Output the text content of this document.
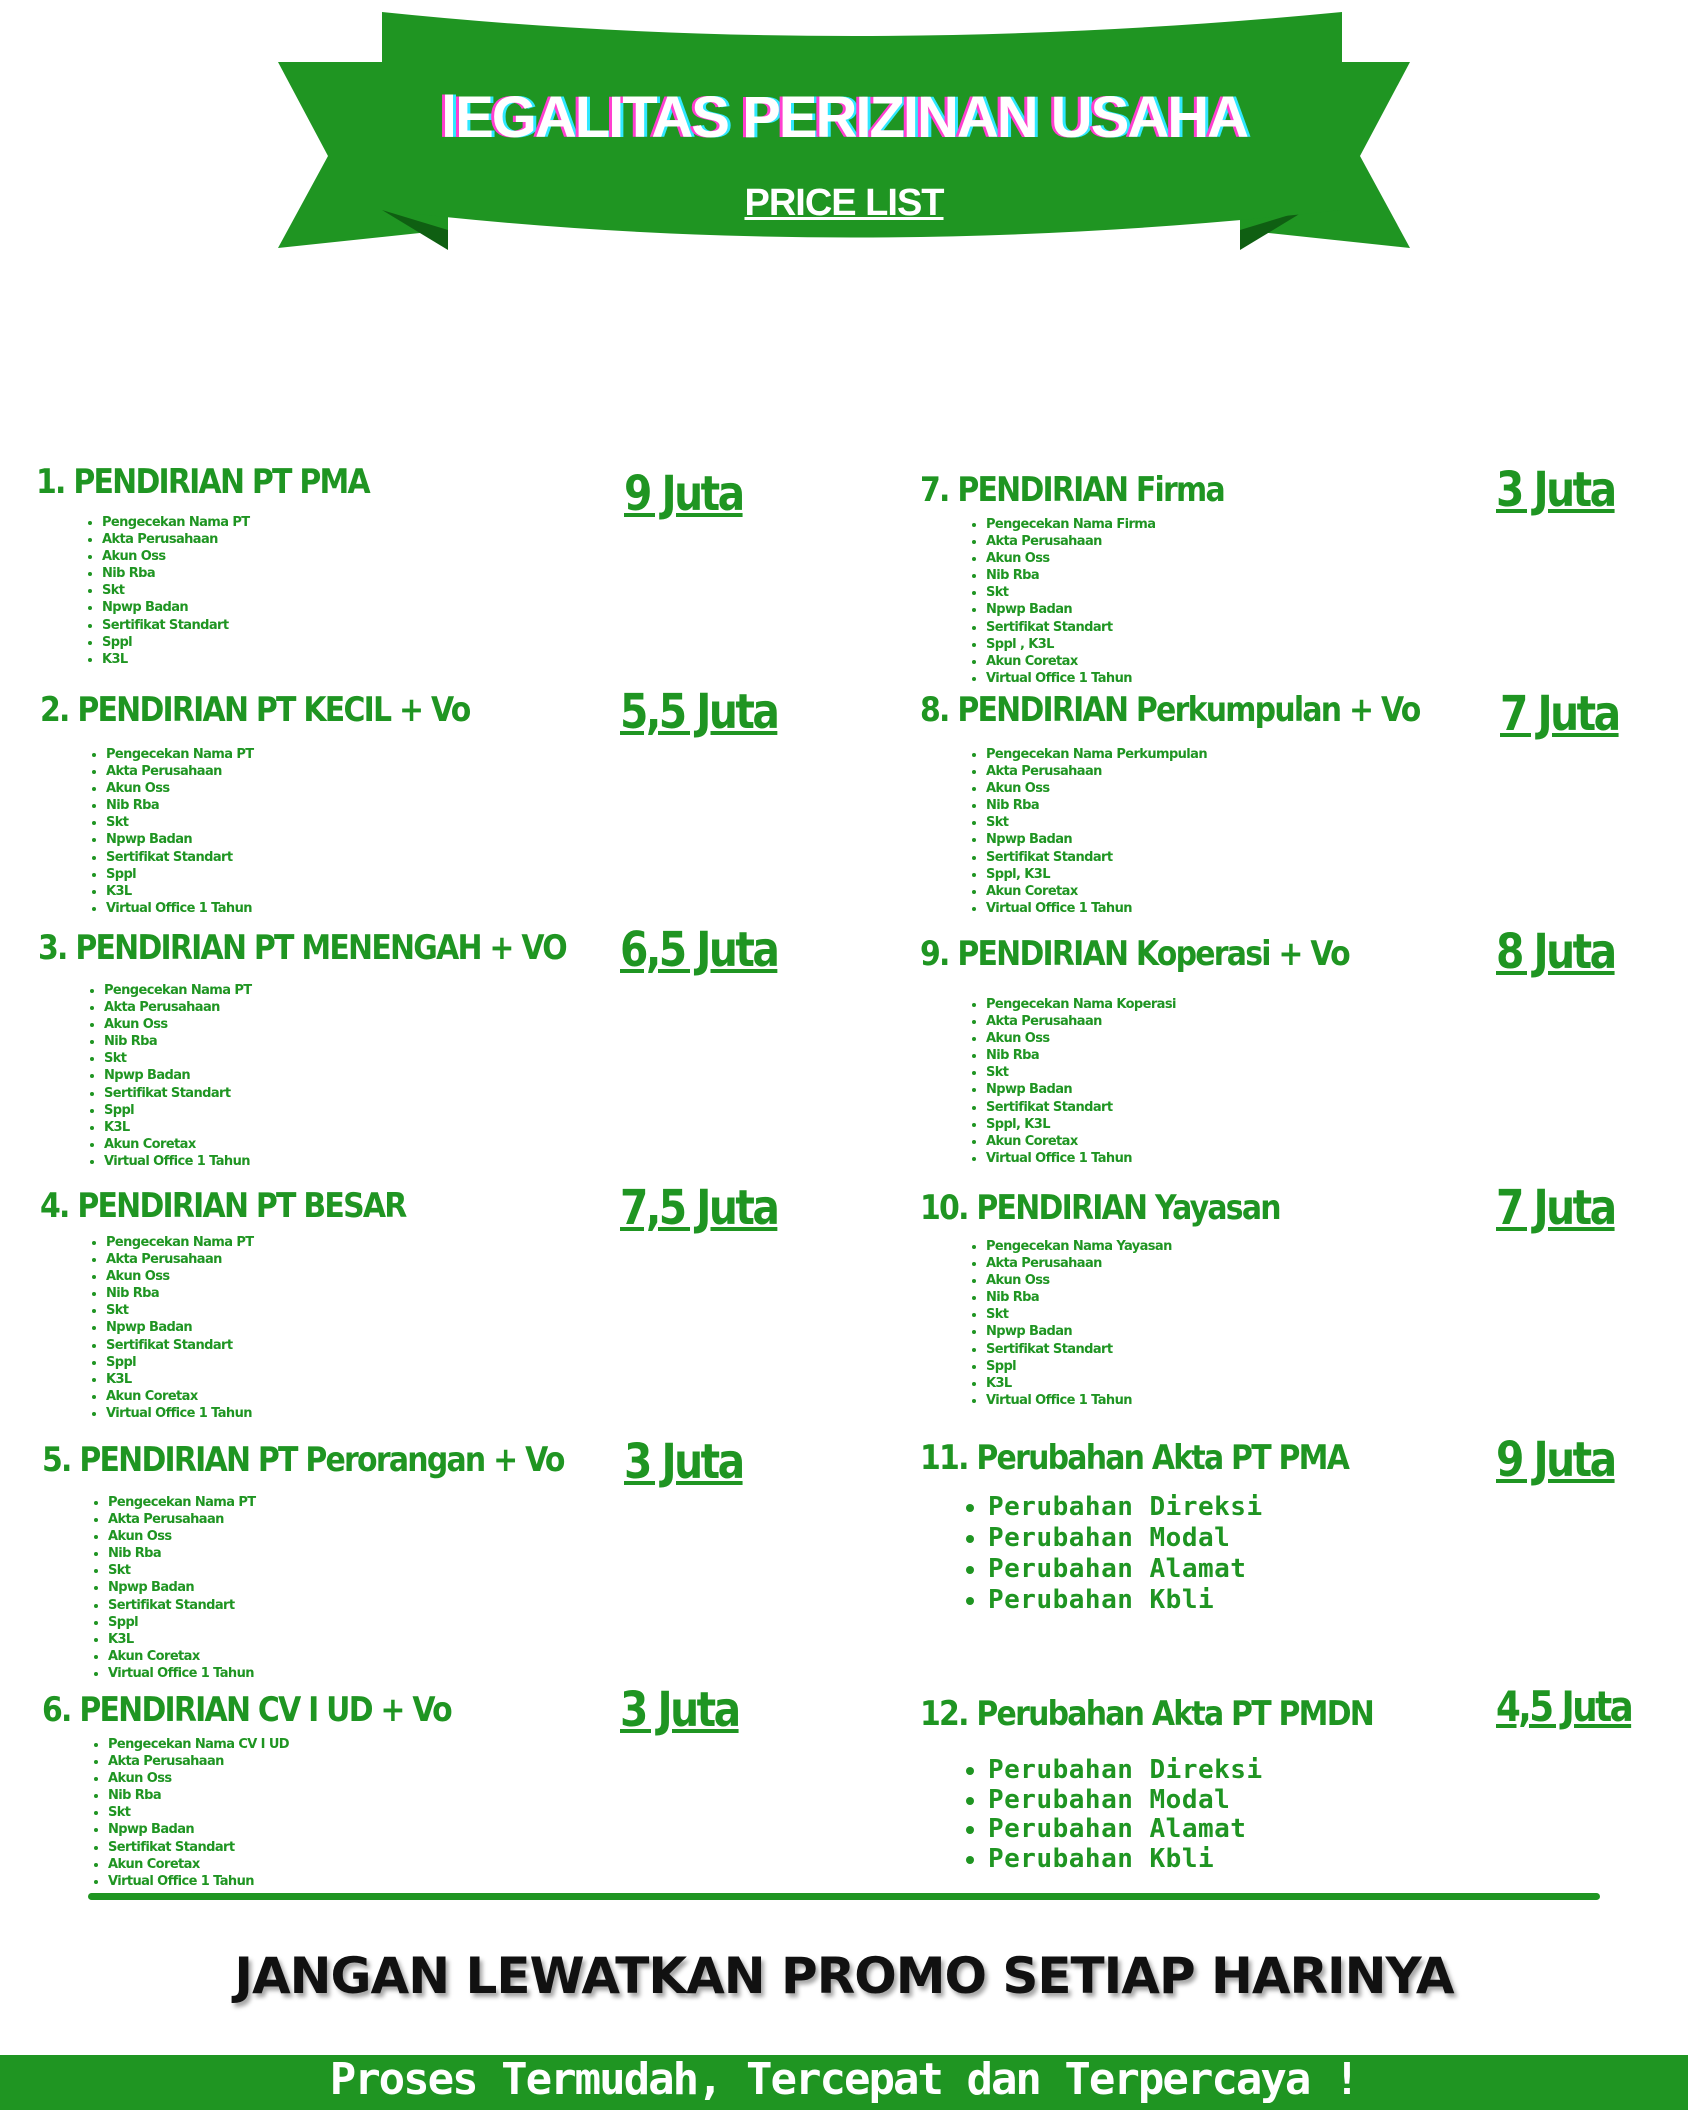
lEGALITAS PERIZINAN USAHA
PRICE LIST
1. PENDIRIAN PT PMA
• Pengecekan Nama PT
• Akta Perusahaan
• Akun Oss
• Nib Rba
• Skt
• Npwp Badan
• Sertifikat Standart
• Sppl
• K3L
9 Juta
2. PENDIRIAN PT KECIL + Vo
• Pengecekan Nama PT
• Akta Perusahaan
• Akun Oss
• Nib Rba
• Skt
• Npwp Badan
• Sertifikat Standart
• Sppl
• K3L
• Virtual Office 1 Tahun
5,5 Juta
3. PENDIRIAN PT MENENGAH + VO
• Pengecekan Nama PT
• Akta Perusahaan
• Akun Oss
• Nib Rba
• Skt
• Npwp Badan
• Sertifikat Standart
• Sppl
• K3L
• Akun Coretax
• Virtual Office 1 Tahun
6,5 Juta
4. PENDIRIAN PT BESAR
• Pengecekan Nama PT
• Akta Perusahaan
• Akun Oss
• Nib Rba
• Skt
• Npwp Badan
• Sertifikat Standart
• Sppl
• K3L
• Akun Coretax
• Virtual Office 1 Tahun
7,5 Juta
5. PENDIRIAN PT Perorangan + Vo
• Pengecekan Nama PT
• Akta Perusahaan
• Akun Oss
• Nib Rba
• Skt
• Npwp Badan
• Sertifikat Standart
• Sppl
• K3L
• Akun Coretax
• Virtual Office 1 Tahun
3 Juta
6. PENDIRIAN CV I UD + Vo
• Pengecekan Nama CV I UD
• Akta Perusahaan
• Akun Oss
• Nib Rba
• Skt
• Npwp Badan
• Sertifikat Standart
• Akun Coretax
• Virtual Office 1 Tahun
3 Juta
7. PENDIRIAN Firma
• Pengecekan Nama Firma
• Akta Perusahaan
• Akun Oss
• Nib Rba
• Skt
• Npwp Badan
• Sertifikat Standart
• Sppl , K3L
• Akun Coretax
• Virtual Office 1 Tahun
3 Juta
8. PENDIRIAN Perkumpulan + Vo
• Pengecekan Nama Perkumpulan
• Akta Perusahaan
• Akun Oss
• Nib Rba
• Skt
• Npwp Badan
• Sertifikat Standart
• Sppl, K3L
• Akun Coretax
• Virtual Office 1 Tahun
7 Juta
9. PENDIRIAN Koperasi + Vo
• Pengecekan Nama Koperasi
• Akta Perusahaan
• Akun Oss
• Nib Rba
• Skt
• Npwp Badan
• Sertifikat Standart
• Sppl, K3L
• Akun Coretax
• Virtual Office 1 Tahun
8 Juta
10. PENDIRIAN Yayasan
• Pengecekan Nama Yayasan
• Akta Perusahaan
• Akun Oss
• Nib Rba
• Skt
• Npwp Badan
• Sertifikat Standart
• Sppl
• K3L
• Virtual Office 1 Tahun
7 Juta
11. Perubahan Akta PT PMA
• Perubahan Direksi
• Perubahan Modal
• Perubahan Alamat
• Perubahan Kbli
9 Juta
12. Perubahan Akta PT PMDN
• Perubahan Direksi
• Perubahan Modal
• Perubahan Alamat
• Perubahan Kbli
4,5 Juta
JANGAN LEWATKAN PROMO SETIAP HARINYA
Proses Termudah, Tercepat dan Terpercaya !
